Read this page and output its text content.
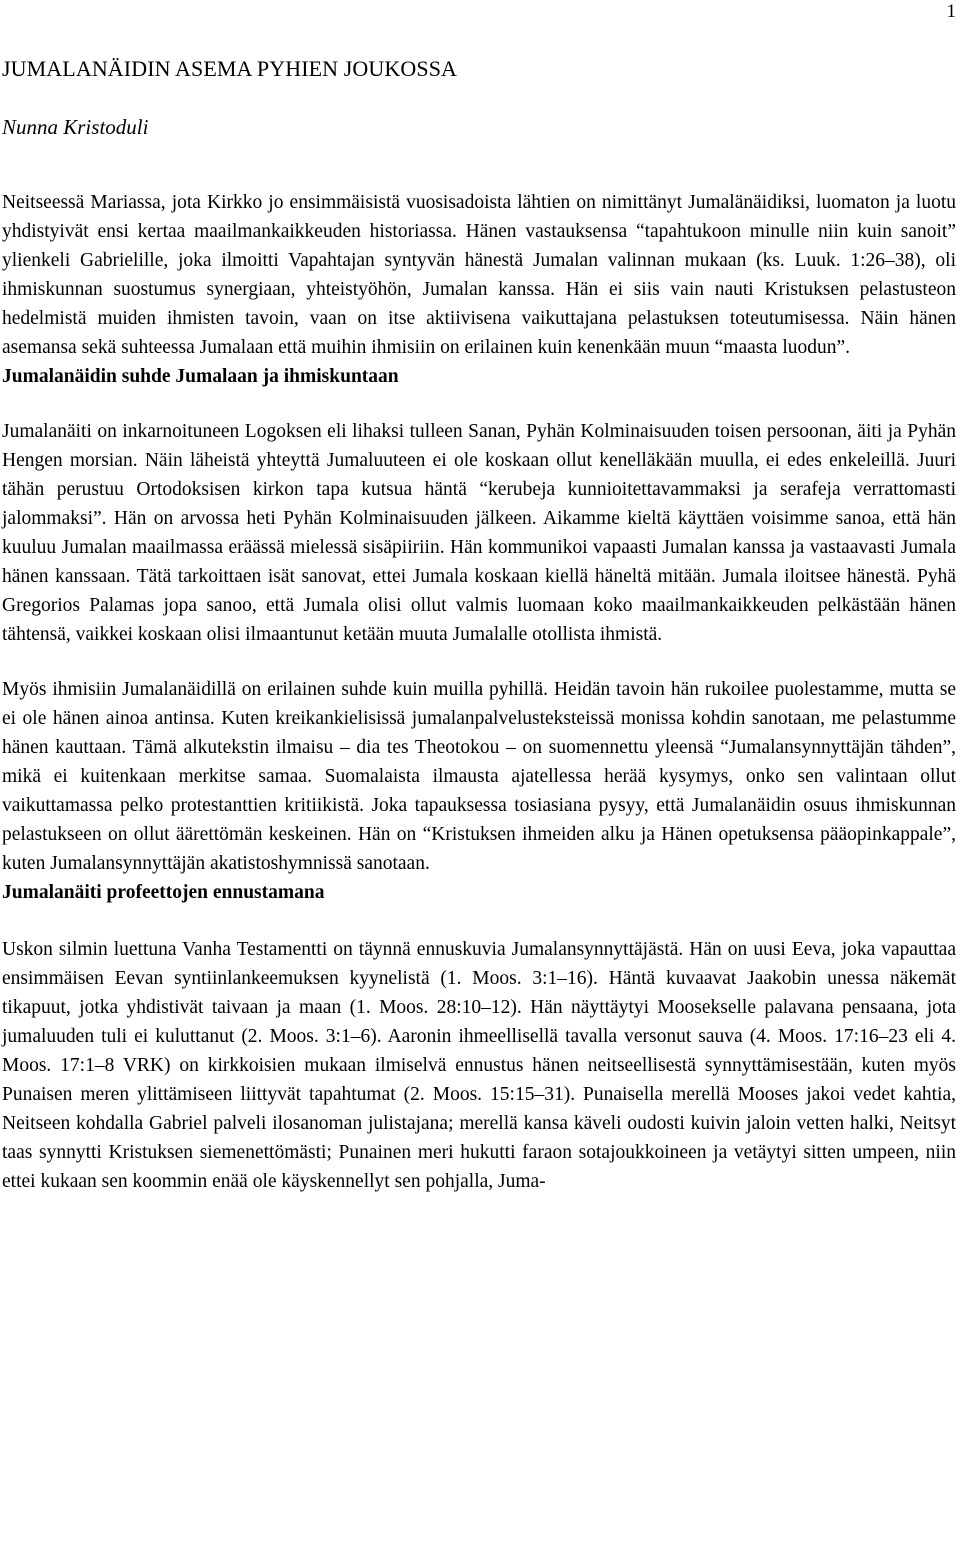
1
JUMALANÄIDIN ASEMA PYHIEN JOUKOSSA
Nunna Kristoduli

Neitseessä Mariassa, jota Kirkko jo ensimmäisistä vuosisadoista lähtien on nimittänyt Jumalänäidiksi, luomaton ja luotu yhdistyivät ensi kertaa maailmankaikkeuden historiassa. Hänen vastauksensa “tapahtukoon minulle niin kuin sanoit” ylienkeli Gabrielille, joka ilmoitti Vapahtajan syntyvän hänestä Jumalan valinnan mukaan (ks. Luuk. 1:26–38), oli ihmiskunnan suostumus synergiaan, yhteistyöhön, Jumalan kanssa. Hän ei siis vain nauti Kristuksen pelastusteon hedelmistä muiden ihmisten tavoin, vaan on itse aktiivisena vaikuttajana pelastuksen toteutumisessa. Näin hänen asemansa sekä suhteessa Jumalaan että muihin ihmisiin on erilainen kuin kenenkään muun “maasta luodun”.

Jumalanäidin suhde Jumalaan ja ihmiskuntaan

Jumalanäiti on inkarnoituneen Logoksen eli lihaksi tulleen Sanan, Pyhän Kolminaisuuden toisen persoonan, äiti ja Pyhän Hengen morsian. Näin läheistä yhteyttä Jumaluuteen ei ole koskaan ollut kenelläkään muulla, ei edes enkeleillä. Juuri tähän perustuu Ortodoksisen kirkon tapa kutsua häntä “kerubeja kunnioitettavammaksi ja serafeja verrattomasti jalommaksi”. Hän on arvossa heti Pyhän Kolminaisuuden jälkeen. Aikamme kieltä käyttäen voisimme sanoa, että hän kuuluu Jumalan maailmassa eräässä mielessä sisäpiiriin. Hän kommunikoi vapaasti Jumalan kanssa ja vastaavasti Jumala hänen kanssaan. Tätä tarkoittaen isät sanovat, ettei Jumala koskaan kiellä häneltä mitään. Jumala iloitsee hänestä. Pyhä Gregorios Palamas jopa sanoo, että Jumala olisi ollut valmis luomaan koko maailmankaikkeuden pelkästään hänen tähtensä, vaikkei koskaan olisi ilmaantunut ketään muuta Jumalalle otollista ihmistä.

Myös ihmisiin Jumalanäidillä on erilainen suhde kuin muilla pyhillä. Heidän tavoin hän rukoilee puolestamme, mutta se ei ole hänen ainoa antinsa. Kuten kreikankielisissä jumalanpalvelusteksteissä monissa kohdin sanotaan, me pelastumme hänen kauttaan. Tämä alkutekstin ilmaisu – dia tes Theotokou – on suomennettu yleensä “Jumalansynnyttäjän tähden”, mikä ei kuitenkaan merkitse samaa. Suomalaista ilmausta ajatellessa herää kysymys, onko sen valintaan ollut vaikuttamassa pelko protestanttien kritiikistä. Joka tapauksessa tosiasiana pysyy, että Jumalanäidin osuus ihmiskunnan pelastukseen on ollut äärettömän keskeinen. Hän on “Kristuksen ihmeiden alku ja Hänen opetuksensa pääopinkappale”, kuten Jumalansynnyttäjän akatistoshymnissä sanotaan.

Jumalanäiti profeettojen ennustamana

Uskon silmin luettuna Vanha Testamentti on täynnä ennuskuvia Jumalansynnyttäjästä. Hän on uusi Eeva, joka vapauttaa ensimmäisen Eevan syntiinlankeemuksen kyynelistä (1. Moos. 3:1–16). Häntä kuvaavat Jaakobin unessa näkemät tikapuut, jotka yhdistivät taivaan ja maan (1. Moos. 28:10–12). Hän näyttäytyi Moosekselle palavana pensaana, jota jumaluuden tuli ei kuluttanut (2. Moos. 3:1–6). Aaronin ihmeellisellä tavalla versonut sauva (4. Moos. 17:16–23 eli 4. Moos. 17:1–8 VRK) on kirkkoisien mukaan ilmiselvä ennustus hänen neitseellisestä synnyttämisestään, kuten myös Punaisen meren ylittämiseen liittyvät tapahtumat (2. Moos. 15:15–31). Punaisella merellä Mooses jakoi vedet kahtia, Neitseen kohdalla Gabriel palveli ilosanoman julistajana; merellä kansa käveli oudosti kuivin jaloin vetten halki, Neitsyt taas synnytti Kristuksen siemenettömästi; Punainen meri hukutti faraon sotajoukkoineen ja vetäytyi sitten umpeen, niin ettei kukaan sen koommin enää ole käyskennellyt sen pohjalla, Juma-
